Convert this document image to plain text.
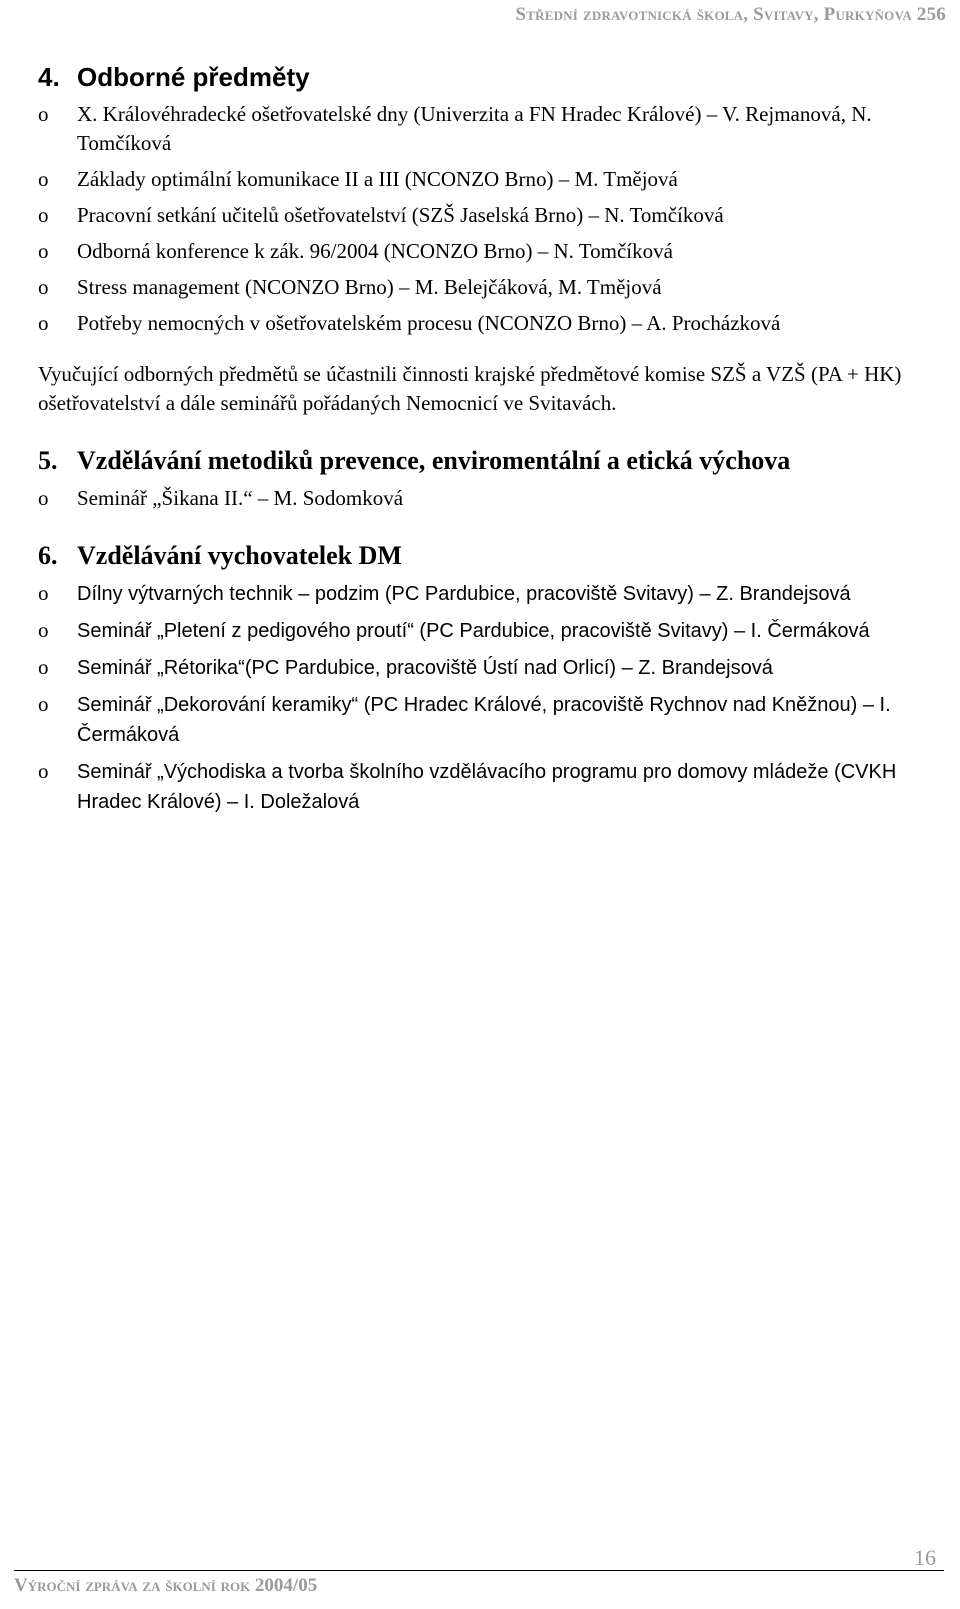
Střední zdravotnická škola, Svitavy, Purkyňova 256
4. Odborné předměty
o X. Královéhradecké ošetřovatelské dny (Univerzita a FN Hradec Králové) – V. Rejmanová, N. Tomčíková
o Základy optimální komunikace II a III (NCONZO Brno) – M. Tmějová
o Pracovní setkání učitelů ošetřovatelství (SZŠ Jaselská Brno) – N. Tomčíková
o Odborná konference k zák. 96/2004 (NCONZO Brno) – N. Tomčíková
o Stress management (NCONZO Brno) – M. Belejčáková, M. Tmějová
o Potřeby nemocných v ošetřovatelském procesu (NCONZO Brno) – A. Procházková

Vyučující odborných předmětů se účastnili činnosti krajské předmětové komise SZŠ a VZŠ (PA + HK) ošetřovatelství a dále seminářů pořádaných Nemocnicí ve Svitavách.

5. Vzdělávání metodiků prevence, enviromentální a etická výchova
o Seminář „Šikana II.“ – M. Sodomková
6. Vzdělávání vychovatelek DM
o Dílny výtvarných technik – podzim (PC Pardubice, pracoviště Svitavy) – Z. Brandejsová
o Seminář „Pletení z pedigového proutí“ (PC Pardubice, pracoviště Svitavy) – I. Čermáková
o Seminář „Rétorika“(PC Pardubice, pracoviště Ústí nad Orlicí) – Z. Brandejsová
o Seminář „Dekorování keramiky“ (PC Hradec Králové, pracoviště Rychnov nad Kněžnou) – I. Čermáková
o Seminář „Východiska a tvorba školního vzdělávacího programu pro domovy mládeže (CVKH Hradec Králové) – I. Doležalová
Výroční zpráva za školní rok 2004/05
16
